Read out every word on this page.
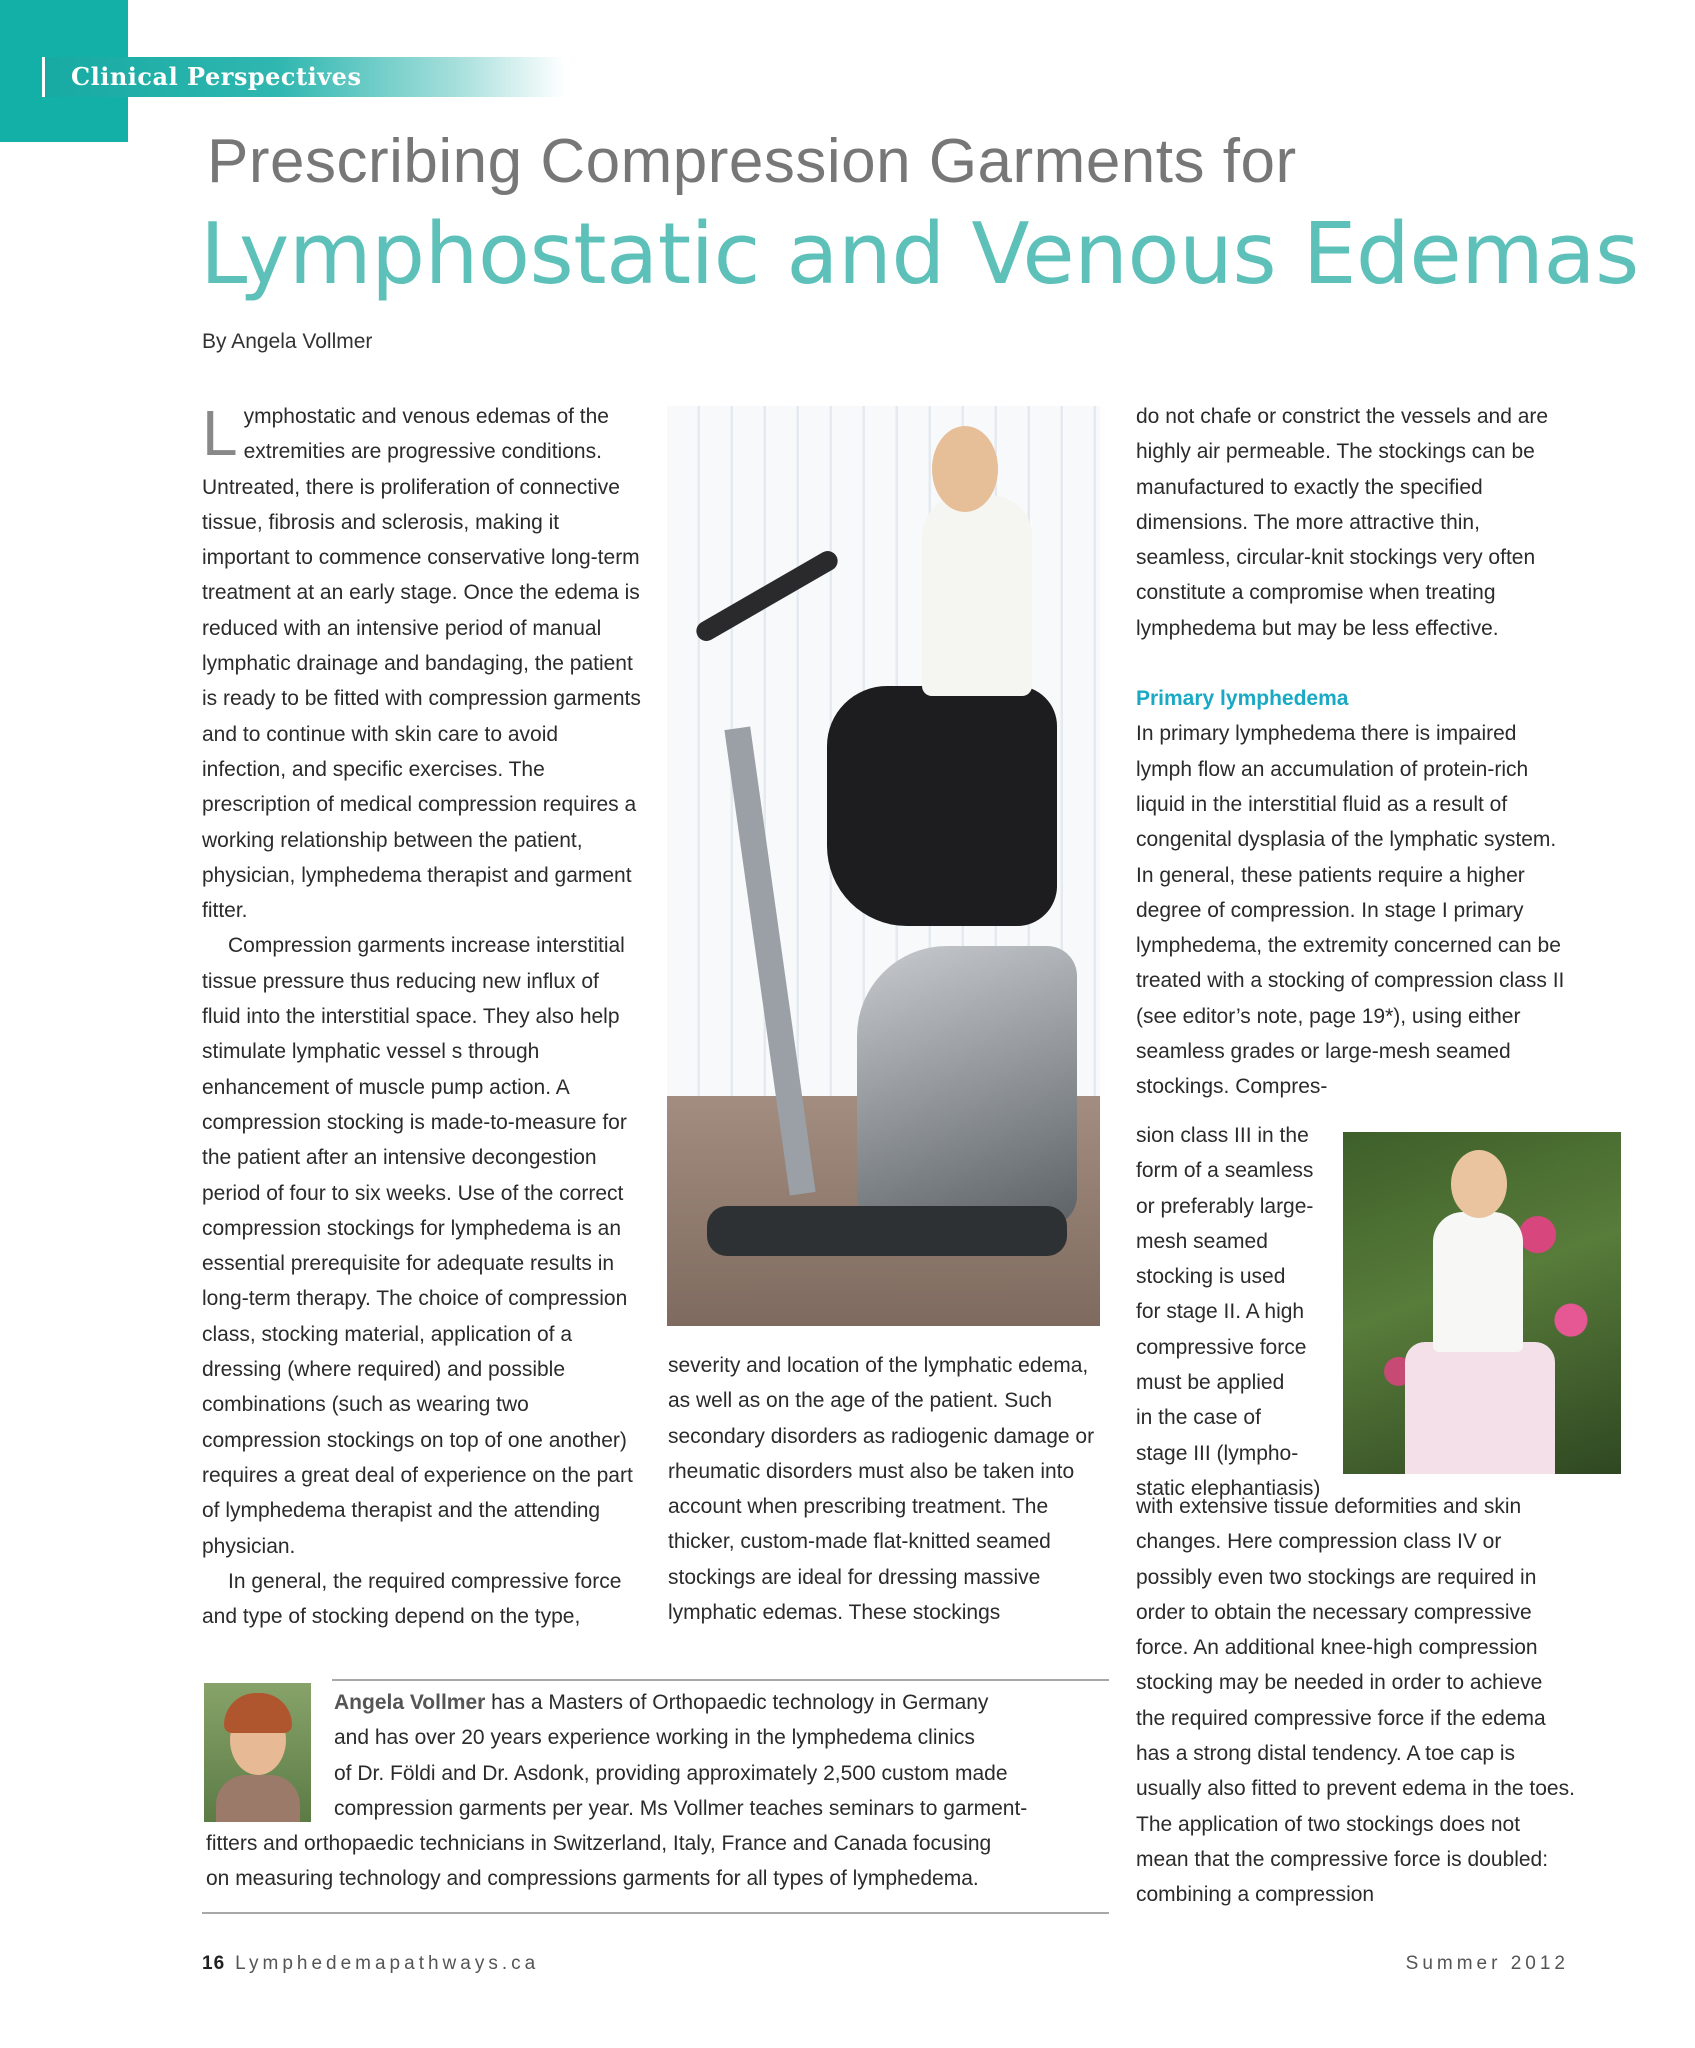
Clinical Perspectives
Prescribing Compression Garments for
Lymphostatic and Venous Edemas
By Angela Vollmer

Lymphostatic and venous edemas of the extremities are progressive conditions. Untreated, there is proliferation of connective tissue, fibrosis and sclerosis, making it important to commence conservative long-term treatment at an early stage. Once the edema is reduced with an intensive period of manual lymphatic drainage and bandaging, the patient is ready to be fitted with compression garments and to continue with skin care to avoid infection, and specific exercises. The prescription of medical compression requires a working relationship between the patient, physician, lymphedema therapist and garment fitter.

Compression garments increase interstitial tissue pressure thus reducing new influx of fluid into the interstitial space. They also help stimulate lymphatic vessel s through enhancement of muscle pump action. A compression stocking is made-to-measure for the patient after an intensive decongestion period of four to six weeks. Use of the correct compression stockings for lymphedema is an essential prerequisite for adequate results in long-term therapy. The choice of compression class, stocking material, application of a dressing (where required) and possible combinations (such as wearing two compression stockings on top of one another) requires a great deal of experience on the part of lymphedema therapist and the attending physician.

In general, the required compressive force and type of stocking depend on the type,

severity and location of the lymphatic edema, as well as on the age of the patient. Such secondary disorders as radiogenic damage or rheumatic disorders must also be taken into account when prescribing treatment. The thicker, custom-made flat-knitted seamed stockings are ideal for dressing massive lymphatic edemas. These stockings

do not chafe or constrict the vessels and are highly air permeable. The stockings can be manufactured to exactly the specified dimensions. The more attractive thin, seamless, circular-knit stockings very often constitute a compromise when treating lymphedema but may be less effective.

Primary lymphedema

In primary lymphedema there is impaired lymph flow an accumulation of protein-rich liquid in the interstitial fluid as a result of congenital dysplasia of the lymphatic system. In general, these patients require a higher degree of compression. In stage I primary lymphedema, the extremity concerned can be treated with a stocking of compression class II (see editor’s note, page 19*), using either seamless grades or large-mesh seamed stockings. Compres-

sion class III in the
form of a seamless
or preferably large-
mesh seamed
stocking is used
for stage II. A high
compressive force
must be applied
in the case of
stage III (lympho-
static elephantiasis)

with extensive tissue deformities and skin changes. Here compression class IV or possibly even two stockings are required in order to obtain the necessary compressive force. An additional knee-high compression stocking may be needed in order to achieve the required compressive force if the edema has a strong distal tendency. A toe cap is usually also fitted to prevent edema in the toes. The application of two stockings does not mean that the compressive force is doubled: combining a compression

Angela Vollmer has a Masters of Orthopaedic technology in Germany
and has over 20 years experience working in the lymphedema clinics
of Dr. Földi and Dr. Asdonk, providing approximately 2,500 custom made
compression garments per year. Ms Vollmer teaches seminars to garment-
fitters and orthopaedic technicians in Switzerland, Italy, France and Canada focusing
on measuring technology and compressions garments for all types of lymphedema.
16 Lymphedemapathways.ca	Summer 2012
